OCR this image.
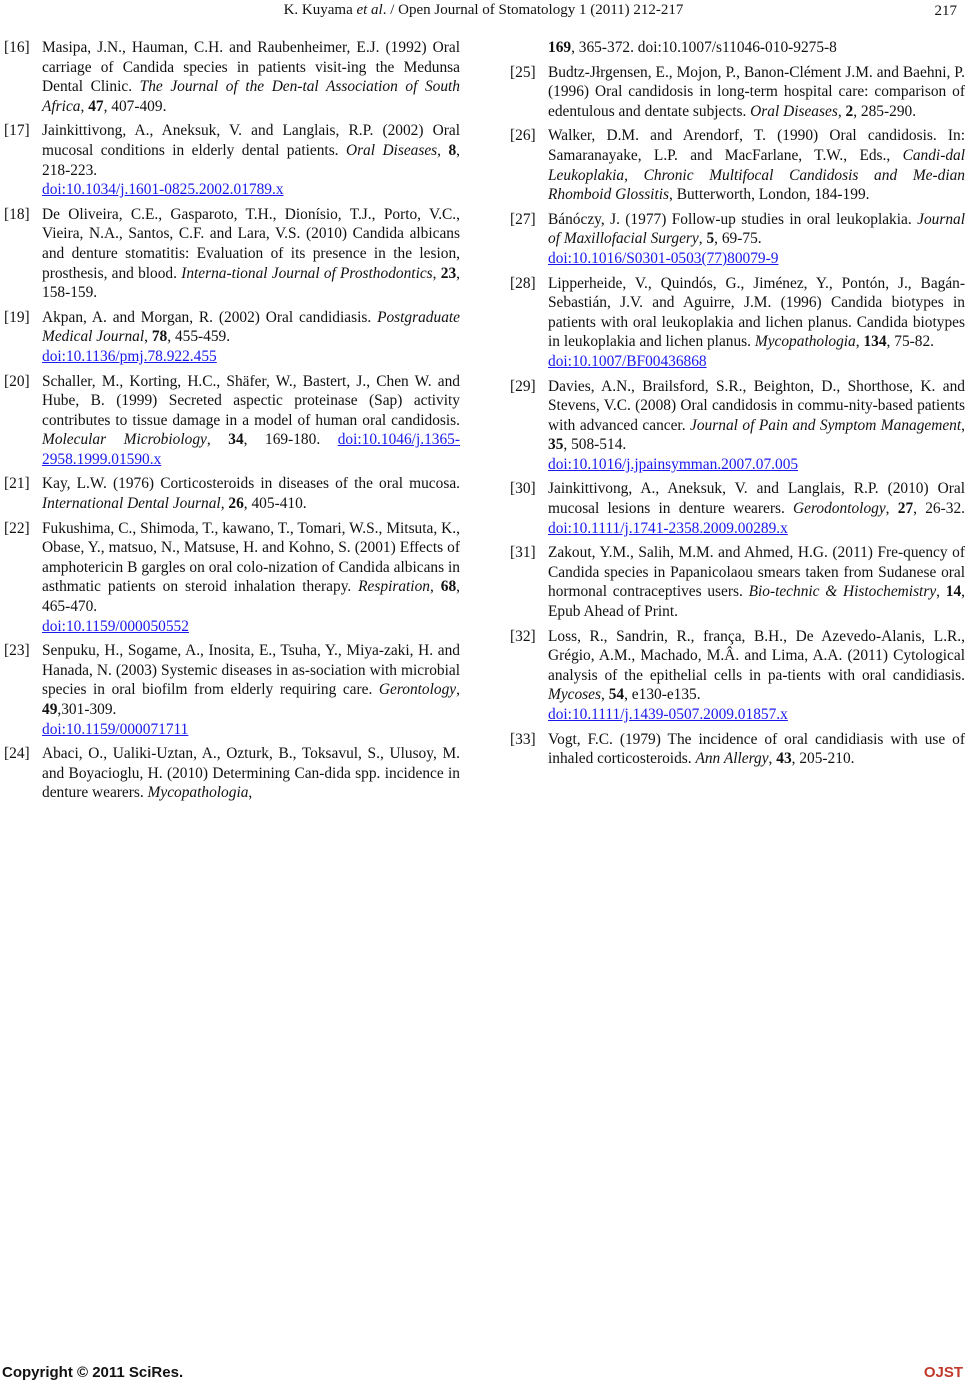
K. Kuyama et al. / Open Journal of Stomatology 1 (2011) 212-217	217
[16] Masipa, J.N., Hauman, C.H. and Raubenheimer, E.J. (1992) Oral carriage of Candida species in patients visit-ing the Medunsa Dental Clinic. The Journal of the Den-tal Association of South Africa, 47, 407-409.
[17] Jainkittivong, A., Aneksuk, V. and Langlais, R.P. (2002) Oral mucosal conditions in elderly dental patients. Oral Diseases, 8, 218-223.
doi:10.1034/j.1601-0825.2002.01789.x
[18] De Oliveira, C.E., Gasparoto, T.H., Dionísio, T.J., Porto, V.C., Vieira, N.A., Santos, C.F. and Lara, V.S. (2010) Candida albicans and denture stomatitis: Evaluation of its presence in the lesion, prosthesis, and blood. Interna-tional Journal of Prosthodontics, 23, 158-159.
[19] Akpan, A. and Morgan, R. (2002) Oral candidiasis. Postgraduate Medical Journal, 78, 455-459.
doi:10.1136/pmj.78.922.455
[20] Schaller, M., Korting, H.C., Shäfer, W., Bastert, J., Chen W. and Hube, B. (1999) Secreted aspectic proteinase (Sap) activity contributes to tissue damage in a model of human oral candidosis. Molecular Microbiology, 34, 169-180. doi:10.1046/j.1365-2958.1999.01590.x
[21] Kay, L.W. (1976) Corticosteroids in diseases of the oral mucosa. International Dental Journal, 26, 405-410.
[22] Fukushima, C., Shimoda, T., kawano, T., Tomari, W.S., Mitsuta, K., Obase, Y., matsuo, N., Matsuse, H. and Kohno, S. (2001) Effects of amphotericin B gargles on oral colo-nization of Candida albicans in asthmatic patients on steroid inhalation therapy. Respiration, 68, 465-470.
doi:10.1159/000050552
[23] Senpuku, H., Sogame, A., Inosita, E., Tsuha, Y., Miya-zaki, H. and Hanada, N. (2003) Systemic diseases in as-sociation with microbial species in oral biofilm from elderly requiring care. Gerontology, 49,301-309.
doi:10.1159/000071711
[24] Abaci, O., Ualiki-Uztan, A., Ozturk, B., Toksavul, S., Ulusoy, M. and Boyacioglu, H. (2010) Determining Can-dida spp. incidence in denture wearers. Mycopathologia,
169, 365-372. doi:10.1007/s11046-010-9275-8
[25] Budtz-Jłrgensen, E., Mojon, P., Banon-Clément J.M. and Baehni, P. (1996) Oral candidosis in long-term hospital care: comparison of edentulous and dentate subjects. Oral Diseases, 2, 285-290.
[26] Walker, D.M. and Arendorf, T. (1990) Oral candidosis. In: Samaranayake, L.P. and MacFarlane, T.W., Eds., Candi-dal Leukoplakia, Chronic Multifocal Candidosis and Me-dian Rhomboid Glossitis, Butterworth, London, 184-199.
[27] Bánóczy, J. (1977) Follow-up studies in oral leukoplakia. Journal of Maxillofacial Surgery, 5, 69-75.
doi:10.1016/S0301-0503(77)80079-9
[28] Lipperheide, V., Quindós, G., Jiménez, Y., Pontón, J., Bagán-Sebastián, J.V. and Aguirre, J.M. (1996) Candida biotypes in patients with oral leukoplakia and lichen planus. Candida biotypes in leukoplakia and lichen planus. Mycopathologia, 134, 75-82.
doi:10.1007/BF00436868
[29] Davies, A.N., Brailsford, S.R., Beighton, D., Shorthose, K. and Stevens, V.C. (2008) Oral candidosis in commu-nity-based patients with advanced cancer. Journal of Pain and Symptom Management, 35, 508-514.
doi:10.1016/j.jpainsymman.2007.07.005
[30] Jainkittivong, A., Aneksuk, V. and Langlais, R.P. (2010) Oral mucosal lesions in denture wearers. Gerodontology, 27, 26-32. doi:10.1111/j.1741-2358.2009.00289.x
[31] Zakout, Y.M., Salih, M.M. and Ahmed, H.G. (2011) Fre-quency of Candida species in Papanicolaou smears taken from Sudanese oral hormonal contraceptives users. Bio-technic & Histochemistry, 14, Epub Ahead of Print.
[32] Loss, R., Sandrin, R., frança, B.H., De Azevedo-Alanis, L.R., Grégio, A.M., Machado, M.Â. and Lima, A.A. (2011) Cytological analysis of the epithelial cells in pa-tients with oral candidiasis. Mycoses, 54, e130-e135.
doi:10.1111/j.1439-0507.2009.01857.x
[33] Vogt, F.C. (1979) The incidence of oral candidiasis with use of inhaled corticosteroids. Ann Allergy, 43, 205-210.
Copyright © 2011 SciRes.	OJST
